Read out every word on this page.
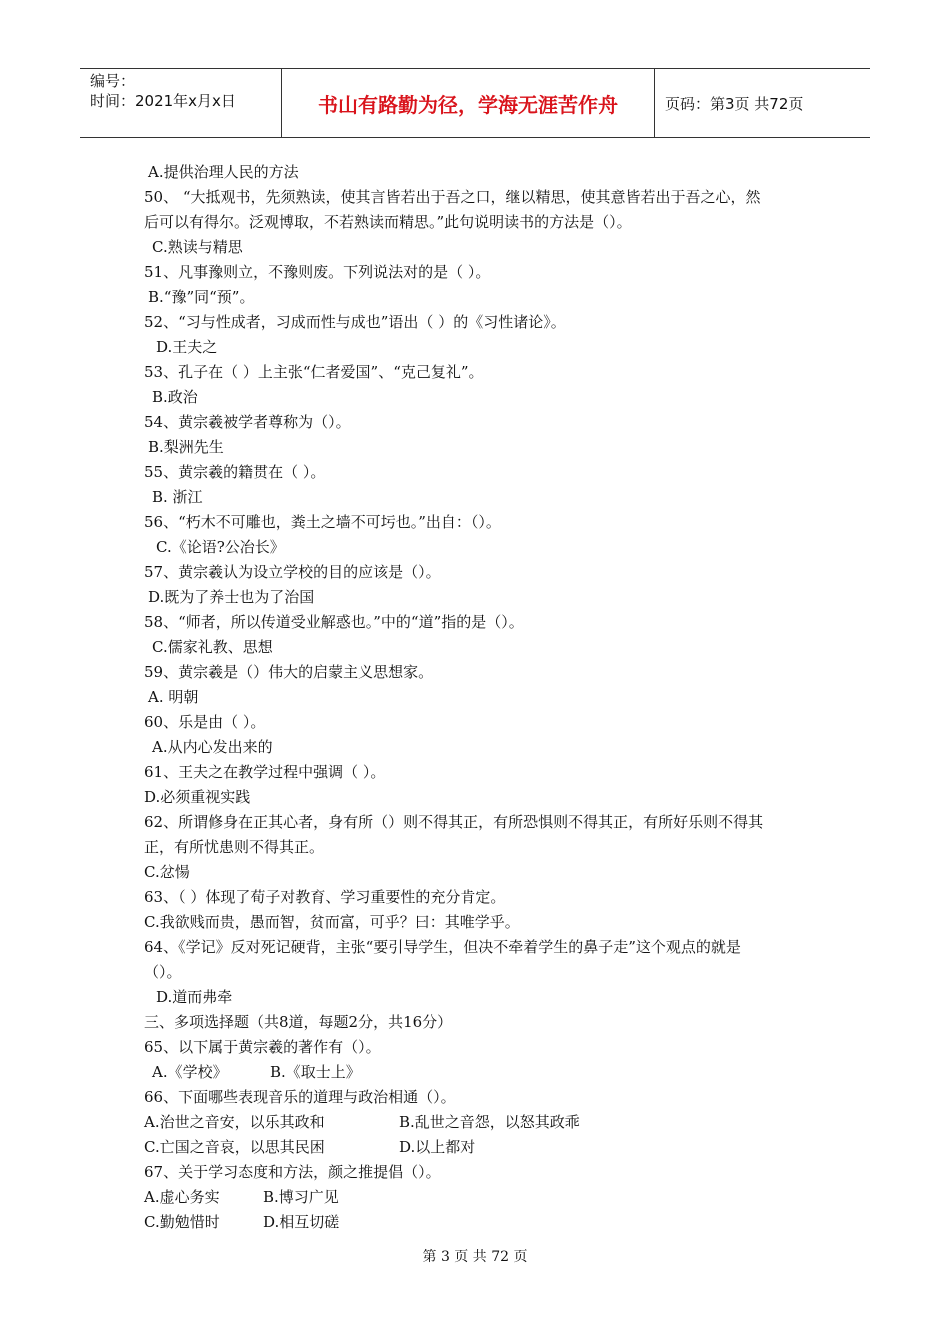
编号：
时间：2021年x月x日	书山有路勤为径，学海无涯苦作舟	页码：第3页 共72页
A.提供治理人民的方法
50、 “大抵观书，先须熟读，使其言皆若出于吾之口，继以精思，使其意皆若出于吾之心，然
后可以有得尔。泛观博取，不若熟读而精思。”此句说明读书的方法是（）。
C.熟读与精思
51、凡事豫则立，不豫则废。下列说法对的是（ ）。
B.“豫”同“预”。
52、“习与性成者，习成而性与成也”语出（ ）的《习性诸论》。
D.王夫之
53、孔子在（ ）上主张“仁者爱国”、“克己复礼”。
B.政治
54、黄宗羲被学者尊称为（）。
B.梨洲先生
55、黄宗羲的籍贯在（ ）。
B. 浙江
56、“朽木不可雕也，粪土之墙不可圬也。”出自：（）。
C.《论语?公冶长》
57、黄宗羲认为设立学校的目的应该是（）。
D.既为了养士也为了治国
58、“师者，所以传道受业解惑也。”中的“道”指的是（）。
C.儒家礼教、思想
59、黄宗羲是（）伟大的启蒙主义思想家。
A. 明朝
60、乐是由（ ）。
A.从内心发出来的
61、王夫之在教学过程中强调（ ）。
D.必须重视实践
62、所谓修身在正其心者，身有所（）则不得其正，有所恐惧则不得其正，有所好乐则不得其
正，有所忧患则不得其正。
C.忿愓
63、（ ）体现了荀子对教育、学习重要性的充分肯定。
C.我欲贱而贵，愚而智，贫而富，可乎？曰：其唯学乎。
64、《学记》反对死记硬背，主张“要引导学生，但决不牵着学生的鼻子走”这个观点的就是
（）。
D.道而弗牵
三、多项选择题（共8道，每题2分，共16分）
65、以下属于黄宗羲的著作有（）。
A.《学校》	B.《取士上》
66、下面哪些表现音乐的道理与政治相通（）。
A.治世之音安，以乐其政和	B.乱世之音怨，以怒其政乖
C.亡国之音哀，以思其民困	D.以上都对
67、关于学习态度和方法，颜之推提倡（）。
A.虚心务实	B.博习广见
C.勤勉惜时	D.相互切磋
第 3 页 共 72 页
